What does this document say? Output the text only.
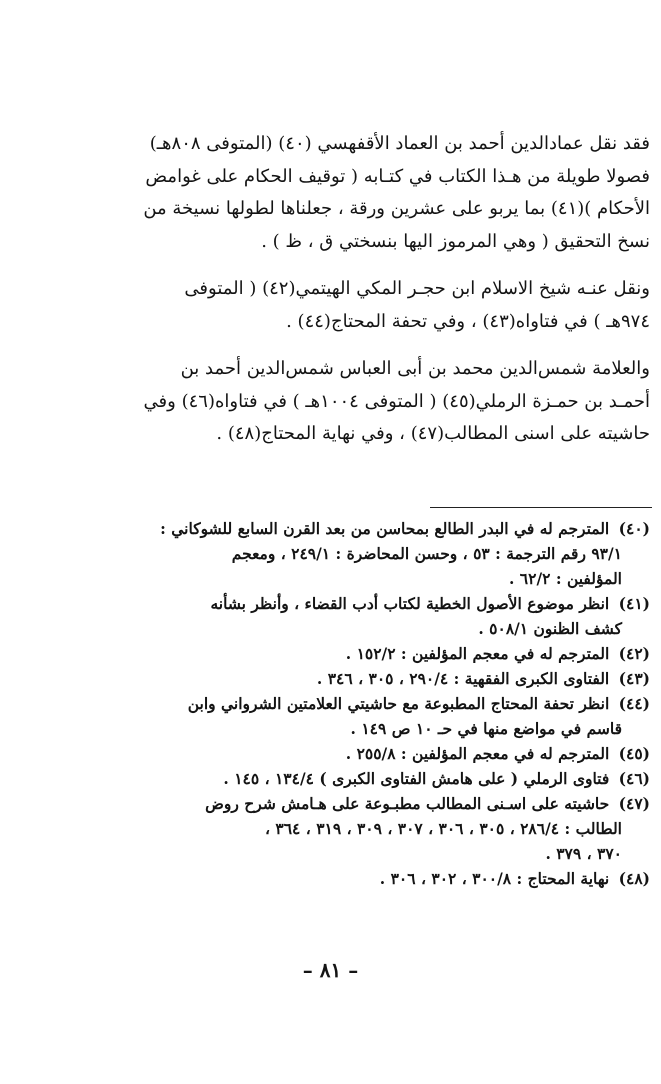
فقد نقل عمادالدين أحمد بن العماد الأقفهسي (٤٠) (المتوفى ٨٠٨هـ)
فصولا طويلة من هـذا الكتاب في كتـابه ( توقيف الحكام على غوامض
الأحكام )(٤١) بما يربو على عشرين ورقة ، جعلناها لطولها نسيخة من
نسخ التحقيق ( وهي المرموز اليها بنسختي ق ، ظ ) .

ونقل عنـه شيخ الاسلام ابن حجـر المكي الهيتمي(٤٢) ( المتوفى
٩٧٤هـ ) في فتاواه(٤٣) ، وفي تحفة المحتاج(٤٤) .

والعلامة شمس‌الدين محمد بن أبى العباس شمس‌الدين أحمد بن
أحمـد بن حمـزة الرملي(٤٥) ( المتوفى ١٠٠٤هـ ) في فتاواه(٤٦) وفي
حاشيته على اسنى المطالب(٤٧) ، وفي نهاية المحتاج(٤٨) .

(٤٠) المترجم له في البدر الطالع بمحاسن من بعد القرن السابع للشوكاني :
٩٣/١ رقم الترجمة : ٥٣ ، وحسن المحاضرة : ٢٤٩/١ ، ومعجم
المؤلفين : ٦٢/٢ .
(٤١) انظر موضوع الأصول الخطية لكتاب أدب القضاء ، وأنظر بشأنه
كشف الظنون ٥٠٨/١ .
(٤٢) المترجم له في معجم المؤلفين : ١٥٢/٢ .
(٤٣) الفتاوى الكبرى الفقهية : ٢٩٠/٤ ، ٣٠٥ ، ٣٤٦ .
(٤٤) انظر تحفة المحتاج المطبوعة مع حاشيتي العلامتين الشرواني وابن
قاسم في مواضع منها في حـ ١٠ ص ١٤٩ .
(٤٥) المترجم له في معجم المؤلفين : ٢٥٥/٨ .
(٤٦) فتاوى الرملي ( على هامش الفتاوى الكبرى ) ١٣٤/٤ ، ١٤٥ .
(٤٧) حاشيته على اسـنى المطالب مطبـوعة على هـامش شرح روض
الطالب : ٢٨٦/٤ ، ٣٠٥ ، ٣٠٦ ، ٣٠٧ ، ٣٠٩ ، ٣١٩ ، ٣٦٤ ،
٣٧٠ ، ٣٧٩ .
(٤٨) نهاية المحتاج : ٣٠٠/٨ ، ٣٠٢ ، ٣٠٦ .
– ٨١ –
